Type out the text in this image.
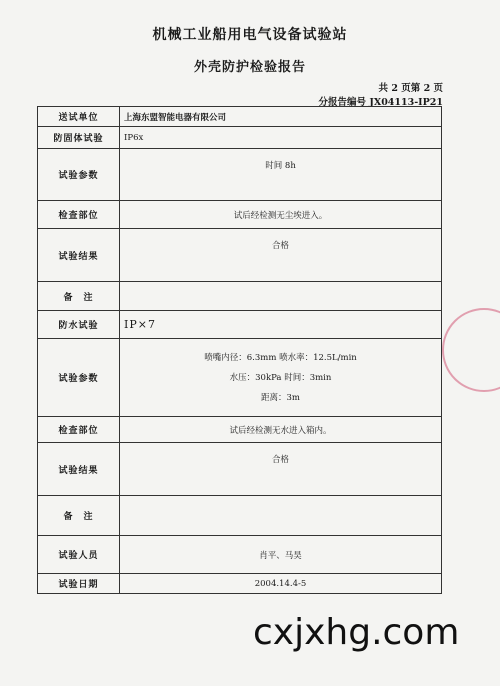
机械工业船用电气设备试验站
外壳防护检验报告
共 2 页第 2 页
分报告编号 JX04113-IP21
送试单位	上海东盟智能电器有限公司
防固体试验	IP6x
试验参数	时间 8h
检查部位	试后经检测无尘埃进入。
试验结果	合格
备　注	
防水试验	IP×7
试验参数	喷嘴内径：6.3mm 喷水率：12.5L/min
水压：30kPa 时间：3min
距离：3m

检查部位	试后经检测无水进入箱内。
试验结果	合格
备　注	
试验人员	肖平、马昊
试验日期	2004.14.4-5
cxjxhg.com
